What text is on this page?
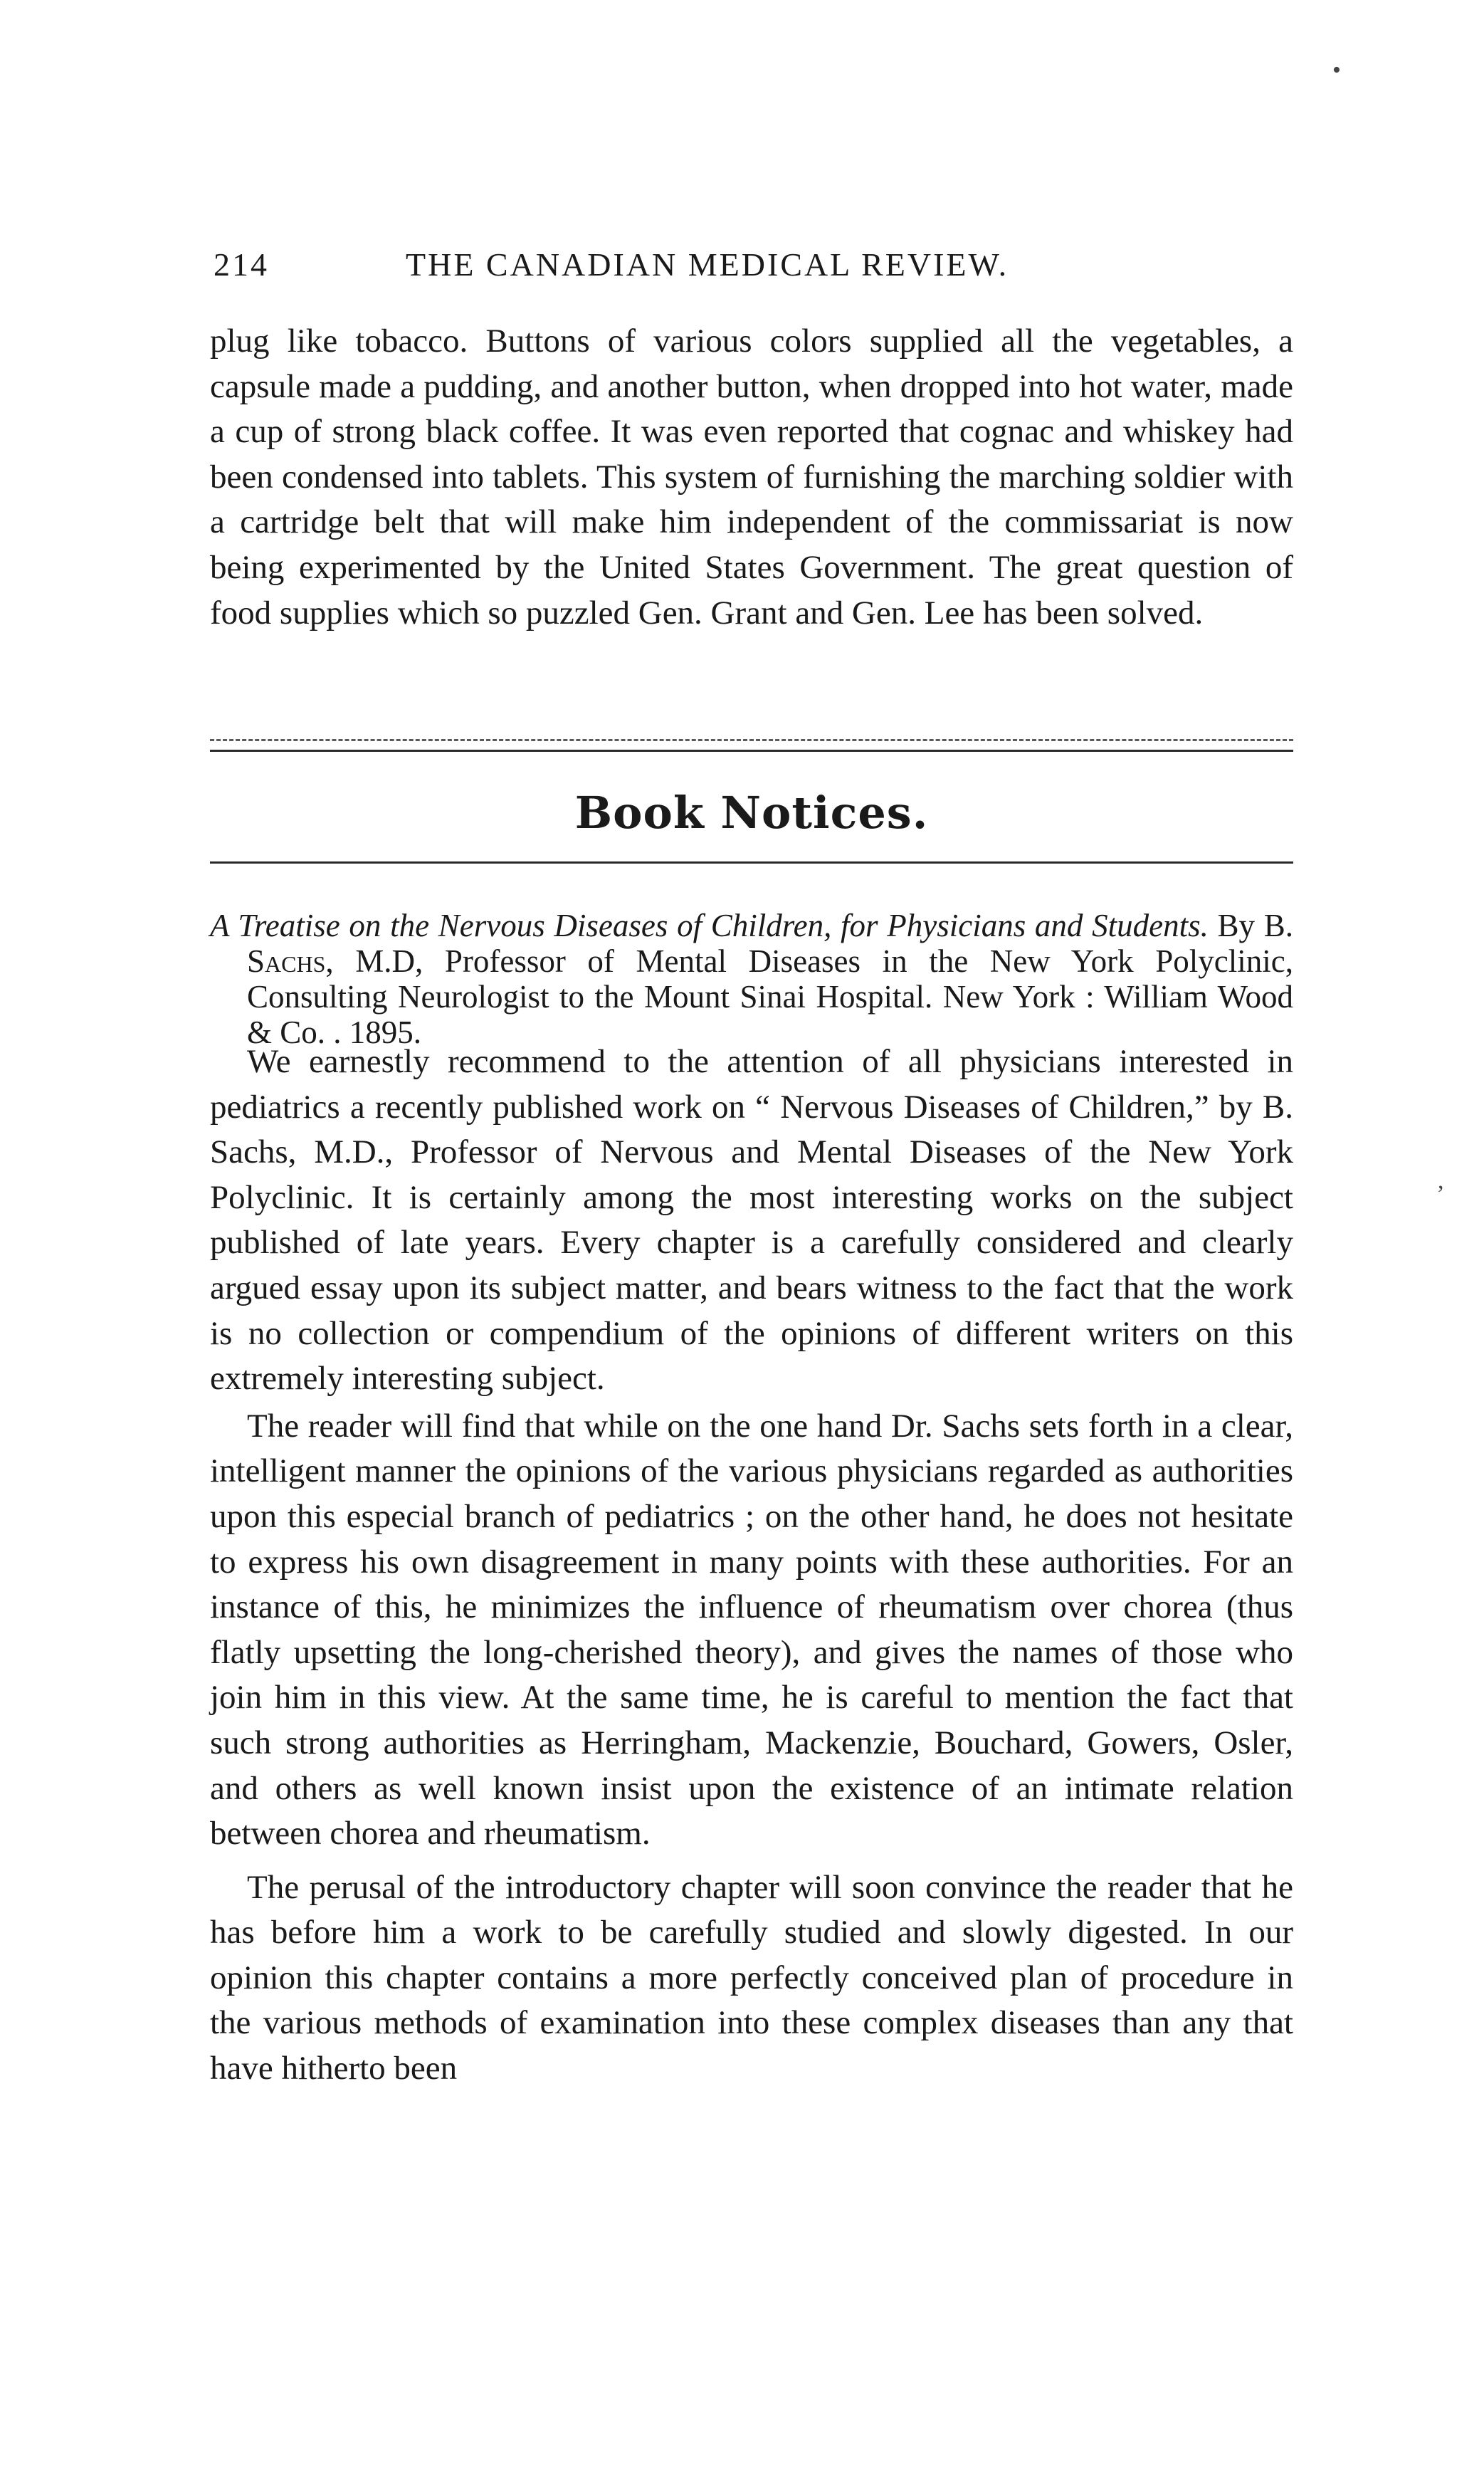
214	THE CANADIAN MEDICAL REVIEW.

plug like tobacco. Buttons of various colors supplied all the vegetables, a capsule made a pudding, and another button, when dropped into hot water, made a cup of strong black coffee. It was even reported that cognac and whiskey had been condensed into tablets. This system of furnishing the marching soldier with a cartridge belt that will make him independent of the commissariat is now being experimented by the United States Government. The great question of food supplies which so puzzled Gen. Grant and Gen. Lee has been solved.

Book Notices.

A Treatise on the Nervous Diseases of Children, for Physicians and Students. By B. Sachs, M.D, Professor of Mental Diseases in the New York Polyclinic, Consulting Neurologist to the Mount Sinai Hospital. New York : William Wood & Co. . 1895.

We earnestly recommend to the attention of all physicians interested in pediatrics a recently published work on “ Nervous Diseases of Children,” by B. Sachs, M.D., Professor of Nervous and Mental Diseases of the New York Polyclinic. It is certainly among the most interesting works on the subject published of late years. Every chapter is a carefully considered and clearly argued essay upon its subject matter, and bears witness to the fact that the work is no collection or compendium of the opinions of different writers on this extremely interesting subject.

The reader will find that while on the one hand Dr. Sachs sets forth in a clear, intelligent manner the opinions of the various physicians regarded as authorities upon this especial branch of pediatrics ; on the other hand, he does not hesitate to express his own disagreement in many points with these authorities. For an instance of this, he minimizes the influence of rheumatism over chorea (thus flatly upsetting the long-cherished theory), and gives the names of those who join him in this view. At the same time, he is careful to mention the fact that such strong authorities as Herringham, Mackenzie, Bouchard, Gowers, Osler, and others as well known insist upon the existence of an intimate relation between chorea and rheumatism.

The perusal of the introductory chapter will soon convince the reader that he has before him a work to be carefully studied and slowly digested. In our opinion this chapter contains a more perfectly conceived plan of procedure in the various methods of examination into these complex diseases than any that have hitherto been

•
,
